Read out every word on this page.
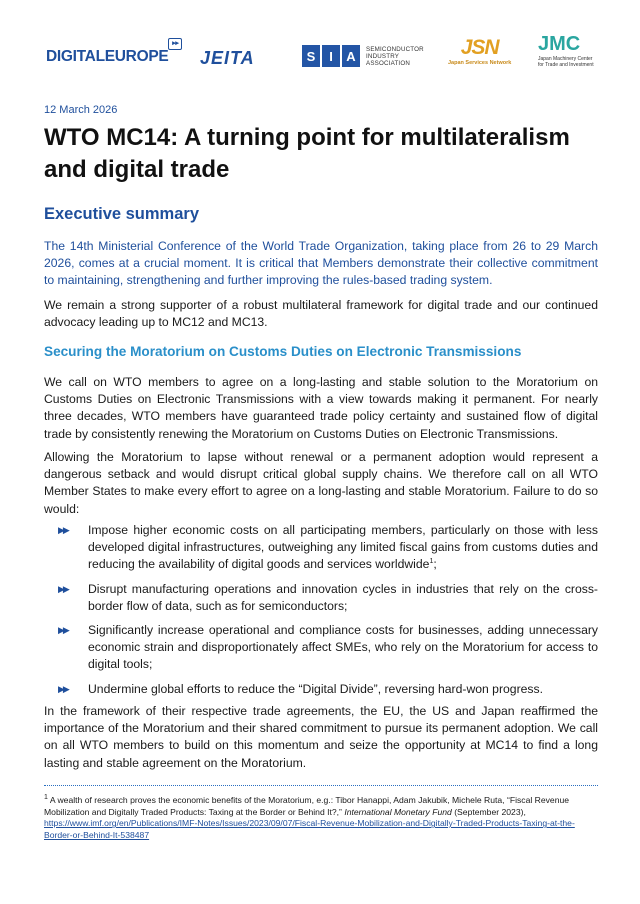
DIGITALEUROPE
▸▸
JEITA	S	I	A	SEMICONDUCTOR
INDUSTRY
ASSOCIATION
JSN
Japan Services Network
JMC
Japan Machinery Center
for Trade and Investment
12 March 2026
WTO MC14: A turning point for multilateralism and digital trade
Executive summary

The 14th Ministerial Conference of the World Trade Organization, taking place from 26 to 29 March 2026, comes at a crucial moment. It is critical that Members demonstrate their collective commitment to maintaining, strengthening and further improving the rules-based trading system.

We remain a strong supporter of a robust multilateral framework for digital trade and our continued advocacy leading up to MC12 and MC13.

Securing the Moratorium on Customs Duties on Electronic Transmissions

We call on WTO members to agree on a long-lasting and stable solution to the Moratorium on Customs Duties on Electronic Transmissions with a view towards making it permanent. For nearly three decades, WTO members have guaranteed trade policy certainty and sustained flow of digital trade by consistently renewing the Moratorium on Customs Duties on Electronic Transmissions.

Allowing the Moratorium to lapse without renewal or a permanent adoption would represent a dangerous setback and would disrupt critical global supply chains. We therefore call on all WTO Member States to make every effort to agree on a long-lasting and stable Moratorium. Failure to do so would:

▶▶ Impose higher economic costs on all participating members, particularly on those with less developed digital infrastructures, outweighing any limited fiscal gains from customs duties and reducing the availability of digital goods and services worldwide$^1$;
▶▶ Disrupt manufacturing operations and innovation cycles in industries that rely on the cross-border flow of data, such as for semiconductors;
▶▶ Significantly increase operational and compliance costs for businesses, adding unnecessary economic strain and disproportionately affect SMEs, who rely on the Moratorium for access to digital tools;
▶▶ Undermine global efforts to reduce the “Digital Divide”, reversing hard-won progress.

In the framework of their respective trade agreements, the EU, the US and Japan reaffirmed the importance of the Moratorium and their shared commitment to pursue its permanent adoption. We call on all WTO members to build on this momentum and seize the opportunity at MC14 to find a long lasting and stable agreement on the Moratorium.

$^1$ A wealth of research proves the economic benefits of the Moratorium, e.g.: Tibor Hanappi, Adam Jakubik, Michele Ruta, “Fiscal Revenue Mobilization and Digitally Traded Products: Taxing at the Border or Behind It?,” International Monetary Fund (September 2023), https://www.imf.org/en/Publications/IMF-Notes/Issues/2023/09/07/Fiscal-Revenue-Mobilization-and-Digitally-Traded-Products-Taxing-at-the-Border-or-Behind-It-538487
